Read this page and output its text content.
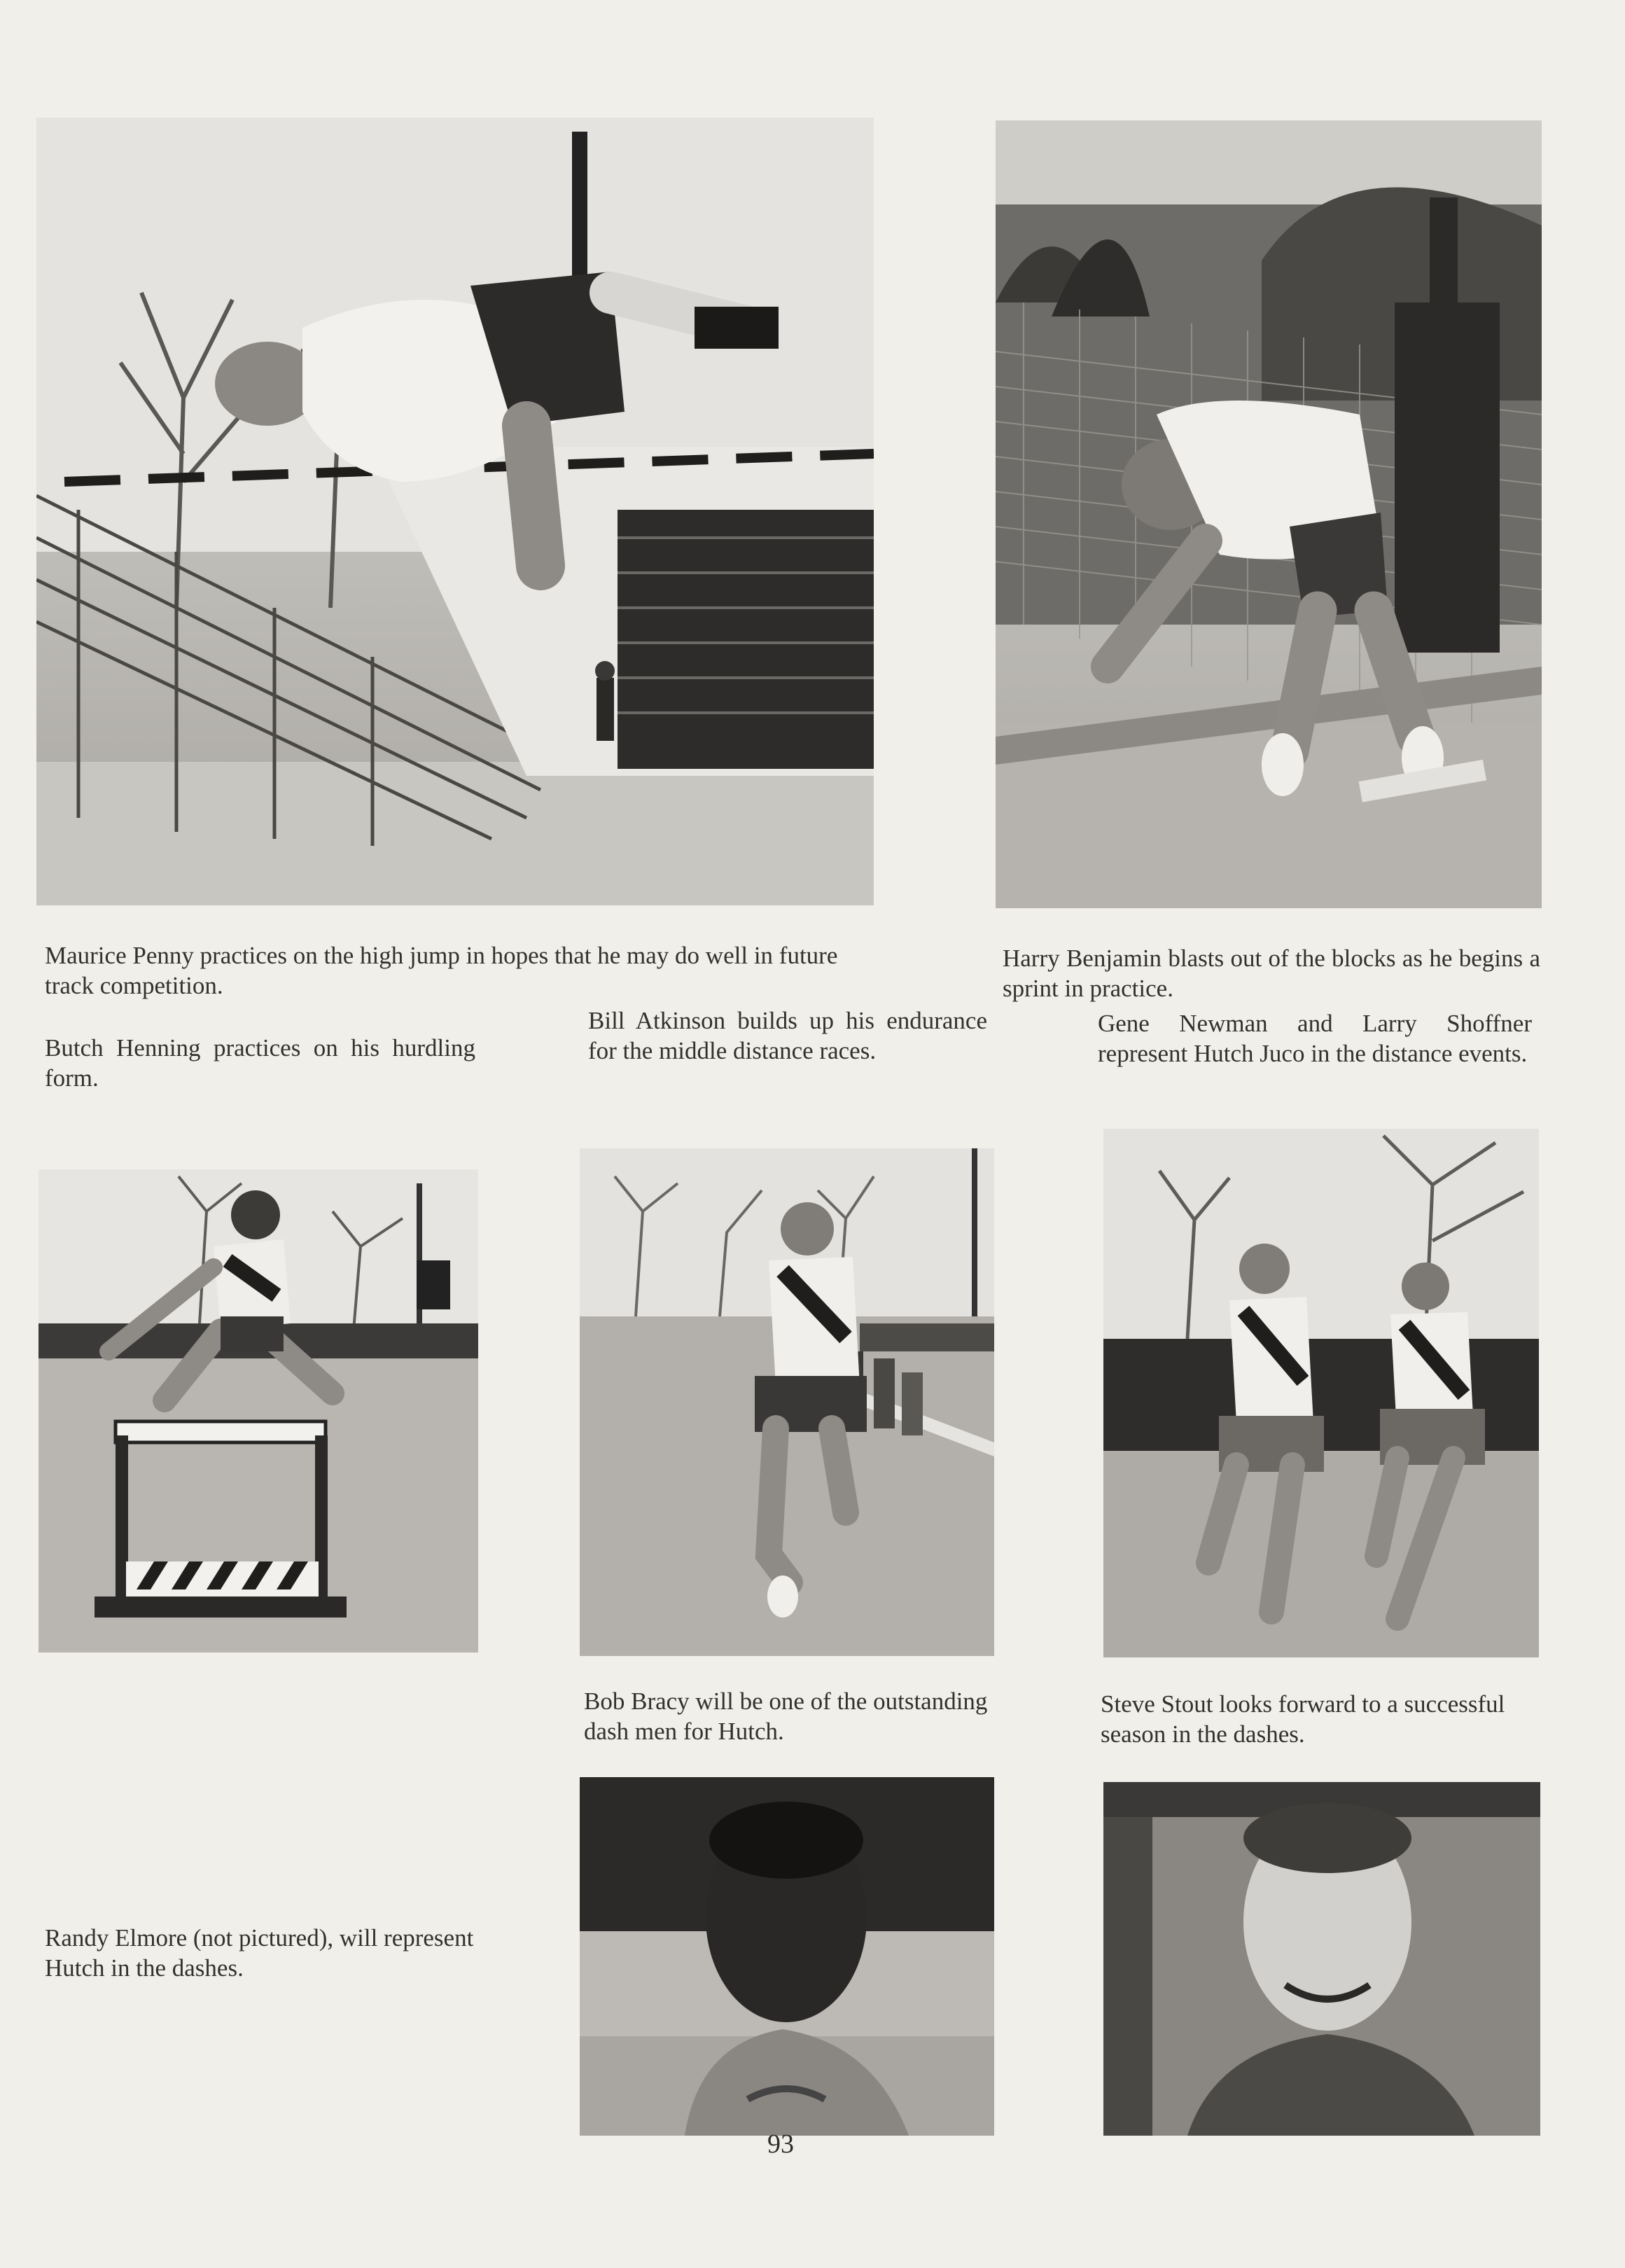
Maurice Penny practices on the high jump in hopes that he may do well in future track competition.
Harry Benjamin blasts out of the blocks as he begins a sprint in practice.
Butch Henning practices on his hurdling form.
Bill Atkinson builds up his endurance for the middle distance races.
Gene Newman and Larry Shoffner represent Hutch Juco in the distance events.
Bob Bracy will be one of the outstanding dash men for Hutch.
Steve Stout looks forward to a successful season in the dashes.
Randy Elmore (not pictured), will represent Hutch in the dashes.
93
